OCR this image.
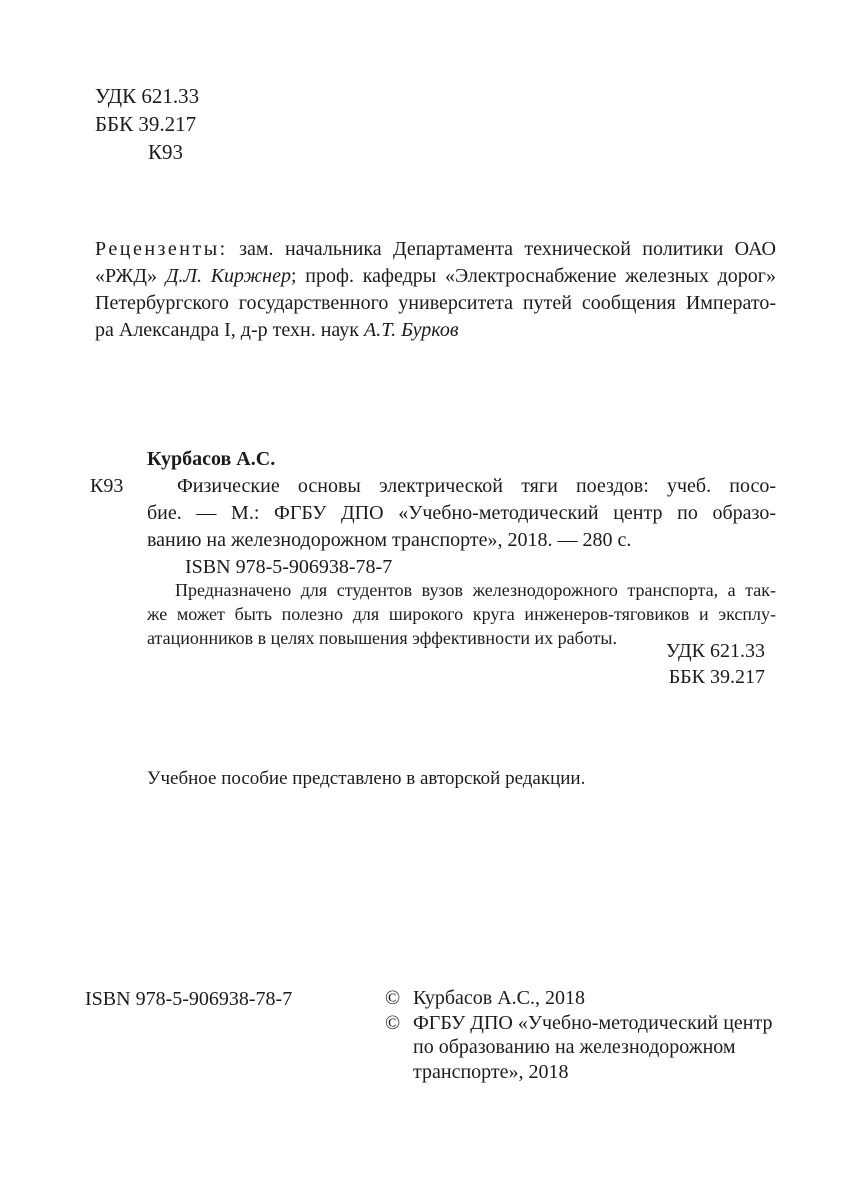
УДК 621.33
ББК 39.217
К93
Рецензенты: зам. начальника Департамента технической политики ОАО
«РЖД» Д.Л. Киржнер; проф. кафедры «Электроснабжение железных дорог»
Петербургского государственного университета путей сообщения Императо-
ра Александра I, д-р техн. наук А.Т. Бурков
Курбасов А.С.
К93	Физические основы электрической тяги поездов: учеб. посо-
бие. — М.: ФГБУ ДПО «Учебно-методический центр по образо-
ванию на железнодорожном транспорте», 2018. — 280 с.
ISBN 978-5-906938-78-7
Предназначено для студентов вузов железнодорожного транспорта, а так-
же может быть полезно для широкого круга инженеров-тяговиков и эксплу-
атационников в целях повышения эффективности их работы.
УДК 621.33
ББК 39.217
Учебное пособие представлено в авторской редакции.
ISBN 978-5-906938-78-7	© Курбасов А.С., 2018
© ФГБУ ДПО «Учебно-методический центр
по образованию на железнодорожном
транспорте», 2018
